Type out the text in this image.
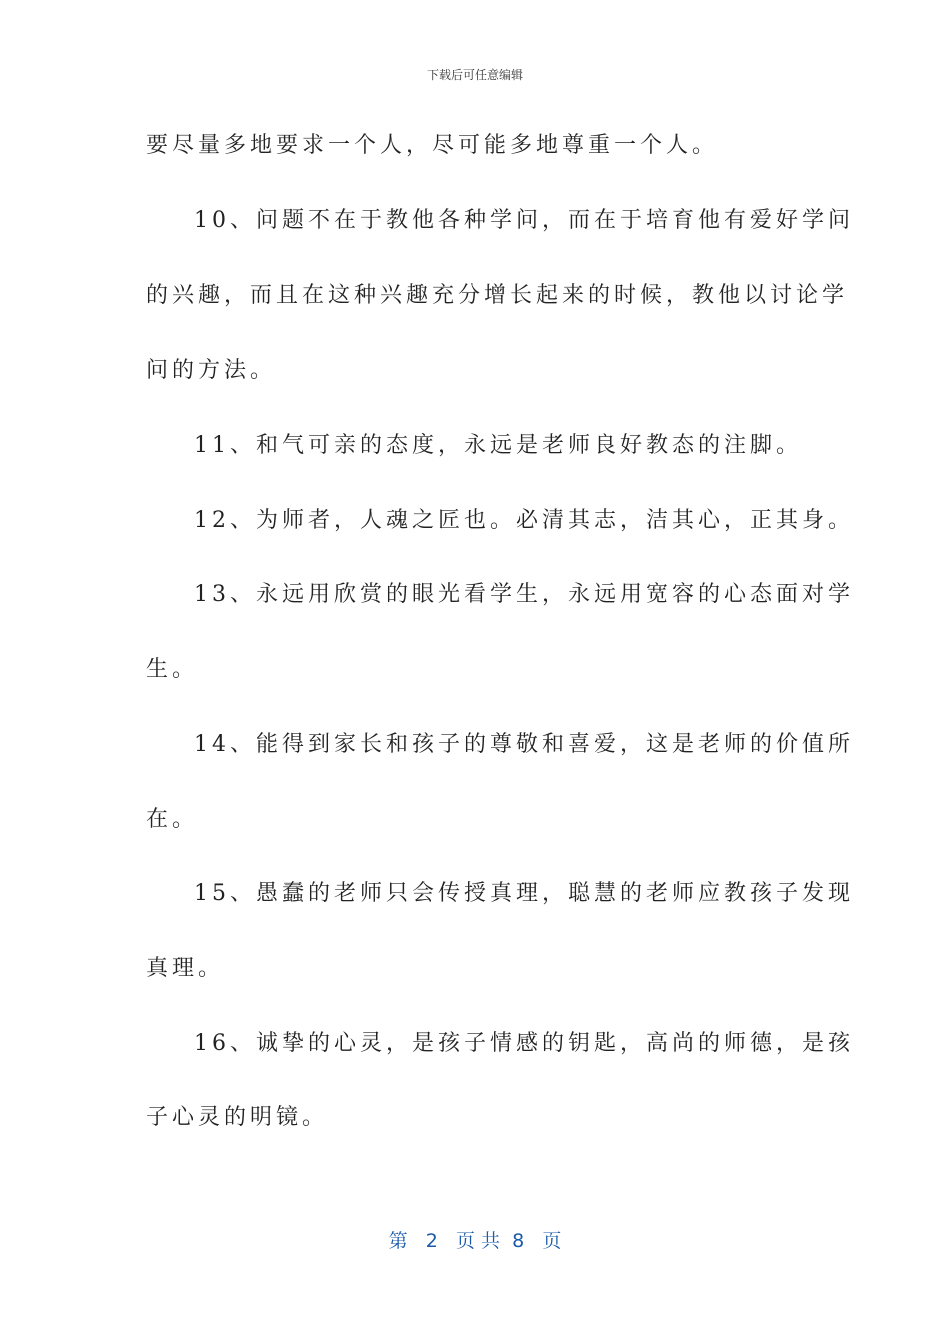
下载后可任意编辑
要尽量多地要求一个人，尽可能多地尊重一个人。
10、问题不在于教他各种学问，而在于培育他有爱好学问
的兴趣，而且在这种兴趣充分增长起来的时候，教他以讨论学
问的方法。
11、和气可亲的态度，永远是老师良好教态的注脚。
12、为师者，人魂之匠也。必清其志，洁其心，正其身。
13、永远用欣赏的眼光看学生，永远用宽容的心态面对学
生。
14、能得到家长和孩子的尊敬和喜爱，这是老师的价值所
在。
15、愚蠢的老师只会传授真理，聪慧的老师应教孩子发现
真理。
16、诚挚的心灵，是孩子情感的钥匙，高尚的师德，是孩
子心灵的明镜。
第 2 页 共 8 页
